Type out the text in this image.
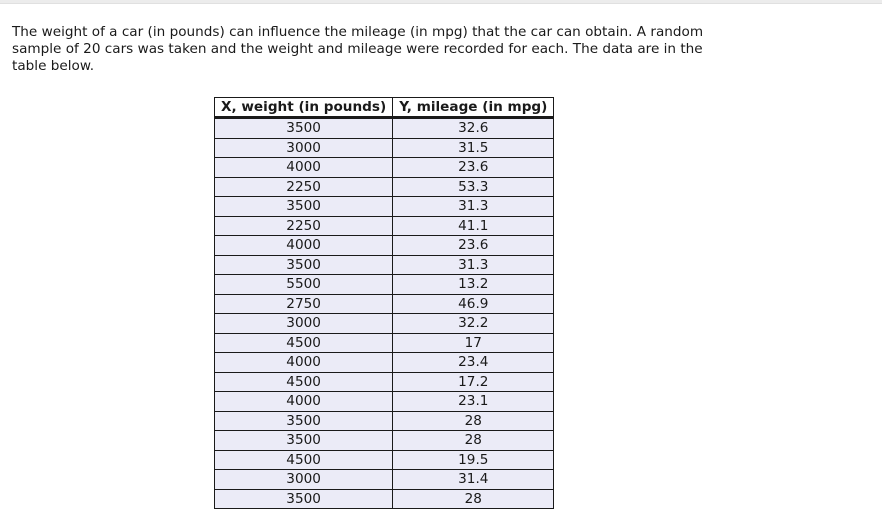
The weight of a car (in pounds) can influence the mileage (in mpg) that the car can obtain. A random sample of 20 cars was taken and the weight and mileage were recorded for each. The data are in the table below.

X, weight (in pounds)	Y, mileage (in mpg)
3500	32.6
3000	31.5
4000	23.6
2250	53.3
3500	31.3
2250	41.1
4000	23.6
3500	31.3
5500	13.2
2750	46.9
3000	32.2
4500	17
4000	23.4
4500	17.2
4000	23.1
3500	28
3500	28
4500	19.5
3000	31.4
3500	28
